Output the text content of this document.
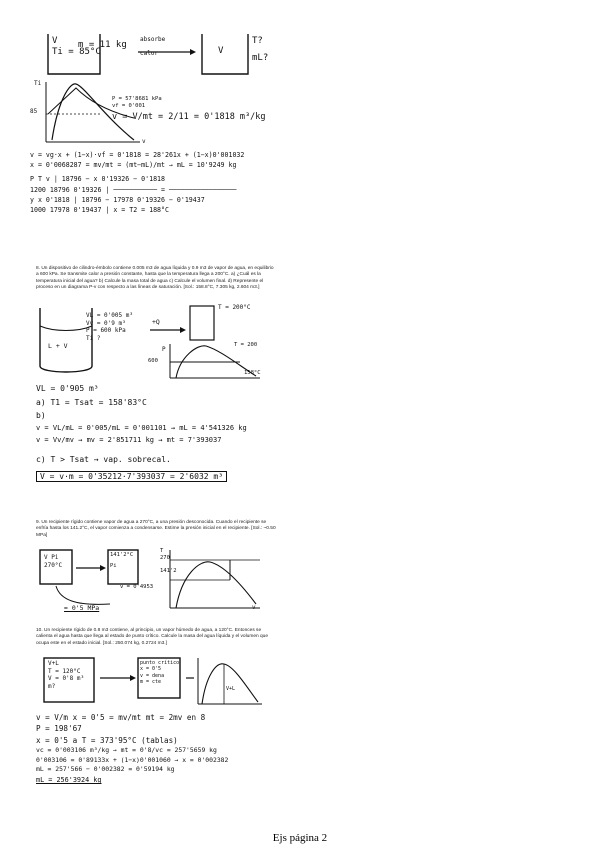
V
Ti = 85°C
m = 11 kg
absorbe
calor	V
T?
mL?
Ti
85
P = 57'8681 kPa
vf = 0'001
v
v = V/mt = 2/11 = 0'1818 m³/kg
v = vg·x + (1−x)·vf = 0'1818 = 28'261x + (1−x)0'001032
x = 0'0068287 = mv/mt = (mt−mL)/mt → mL = 10'9249 kg
P T v | 18796 − x 0'19326 − 0'1818
1200 18796 0'19326 | ─────────── = ─────────────────
y x 0'1818 | 18796 − 17978 0'19326 − 0'19437
1000 17978 0'19437 | x = T2 = 188°C
8. Un dispositivo de cilindro-émbolo contiene 0.005 m3 de agua líquida y 0.9 m3 de vapor de agua, en equilibrio a 600 kPa. Se transmite calor a presión constante, hasta que la temperatura llega a 200°C. a) ¿Cuál es la temperatura inicial del agua? b) Calcule la masa total de agua c) Calcule el volumen final. d) Represente el proceso en un diagrama P-v con respecto a las líneas de saturación. [Sol.: 158.8°C, 7.305 kg, 2.604 m3.]
VL = 0'005 m³
Vv = 0'9 m³
P = 600 kPa
Ti ?
L + V
+Q
T = 200°C
P
600
T = 200
158°C
VL = 0'905 m³
a) T1 = Tsat = 158'83°C
b)
v = VL/mL = 0'005/mL = 0'001101 → mL = 4'541326 kg
v = Vv/mv → mv = 2'851711 kg → mt = 7'393037
c) T > Tsat → vap. sobrecal.
V = v·m = 0'35212·7'393037 = 2'6032 m³
9. Un recipiente rígido contiene vapor de agua a 270°C, a una presión desconocida. Cuando el recipiente se enfría hasta los 141.2°C, el vapor comienza a condensarse. Estime la presión inicial en el recipiente. [Sol.: ~0.50 MPa]
V Pi
270°C
141'2°C
Pi
v = 0'4953
T
270
141'2
v
≈ 0'5 MPa
10. Un recipiente rígido de 0.8 m3 contiene, al principio, un vapor húmedo de agua, a 120°C. Entonces se calienta el agua hasta que llega al estado de punto crítico. Calcule la masa del agua líquida y el volumen que ocupa este en el estado inicial. [Sol.: 250.074 kg, 0.2724 m3.]
V+L
T = 120°C
V = 0'8 m³
m?
punto crítico
x = 0'5
v = dena
m = cte
V+L
v = V/m x = 0'5 = mv/mt mt = 2mv en 8
P = 198'67
x = 0'5 a T = 373'95°C (tablas)
vc = 0'003106 m³/kg → mt = 0'8/vc = 257'5659 kg
0'003106 = 0'89133x + (1−x)0'001060 → x = 0'002382
mL = 257'566 − 0'002382 = 0'59194 kg
mL = 256'3924 kg
Ejs página 2
